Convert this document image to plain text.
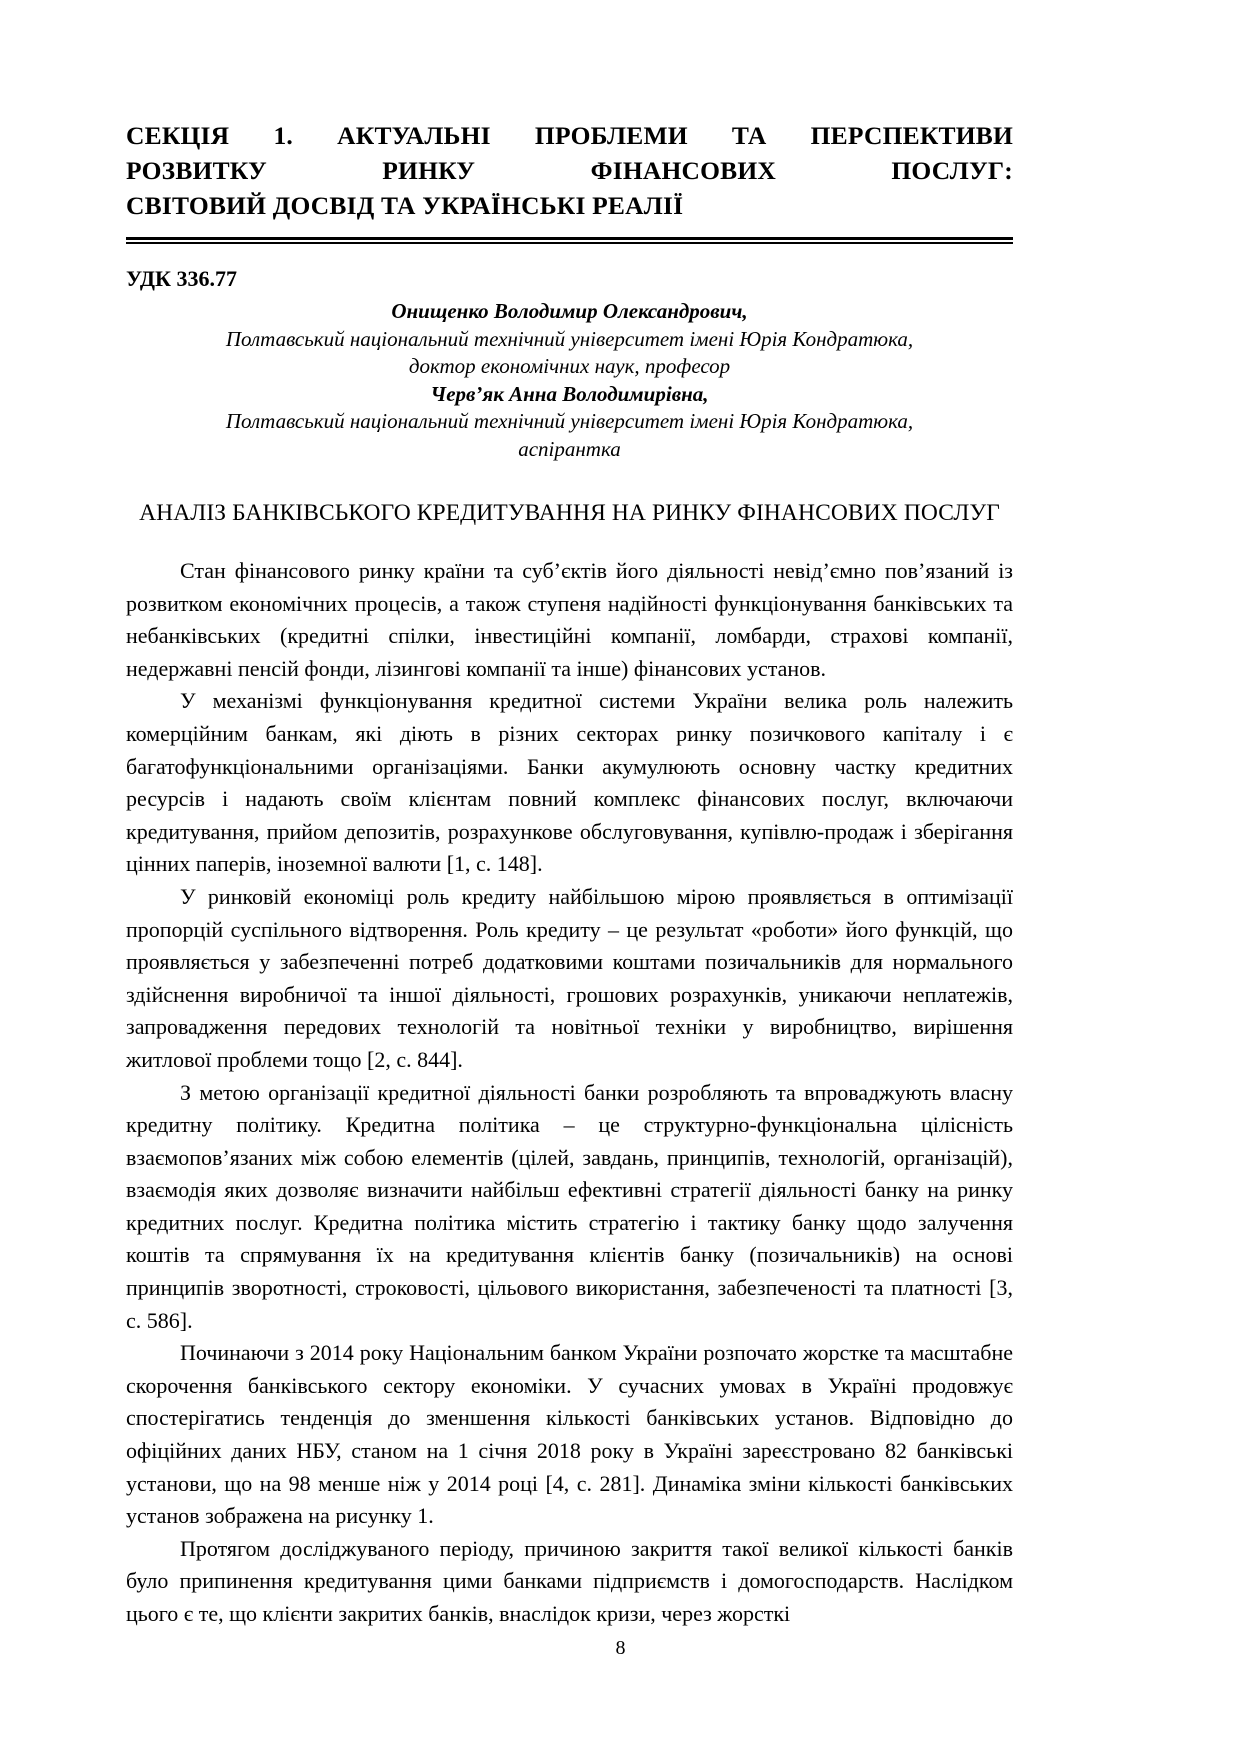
СЕКЦІЯ 1. АКТУАЛЬНІ ПРОБЛЕМИ ТА ПЕРСПЕКТИВИ
РОЗВИТКУ РИНКУ ФІНАНСОВИХ ПОСЛУГ:
СВІТОВИЙ ДОСВІД ТА УКРАЇНСЬКІ РЕАЛІЇ
УДК 336.77
Онищенко Володимир Олександрович,
Полтавський національний технічний університет імені Юрія Кондратюка,
доктор економічних наук, професор
Черв’як Анна Володимирівна,
Полтавський національний технічний університет імені Юрія Кондратюка,
аспірантка
АНАЛІЗ БАНКІВСЬКОГО КРЕДИТУВАННЯ НА РИНКУ ФІНАНСОВИХ ПОСЛУГ

Стан фінансового ринку країни та суб’єктів його діяльності невід’ємно пов’язаний із розвитком економічних процесів, а також ступеня надійності функціонування банківських та небанківських (кредитні спілки, інвестиційні компанії, ломбарди, страхові компанії, недержавні пенсій фонди, лізингові компанії та інше) фінансових установ.

У механізмі функціонування кредитної системи України велика роль належить комерційним банкам, які діють в різних секторах ринку позичкового капіталу і є багатофункціональними організаціями. Банки акумулюють основну частку кредитних ресурсів і надають своїм клієнтам повний комплекс фінансових послуг, включаючи кредитування, прийом депозитів, розрахункове обслуговування, купівлю-продаж і зберігання цінних паперів, іноземної валюти [1, с. 148].

У ринковій економіці роль кредиту найбільшою мірою проявляється в оптимізації пропорцій суспільного відтворення. Роль кредиту – це результат «роботи» його функцій, що проявляється у забезпеченні потреб додатковими коштами позичальників для нормального здійснення виробничої та іншої діяльності, грошових розрахунків, уникаючи неплатежів, запровадження передових технологій та новітньої техніки у виробництво, вирішення житлової проблеми тощо [2, с. 844].

З метою організації кредитної діяльності банки розробляють та впроваджують власну кредитну політику. Кредитна політика – це структурно-функціональна цілісність взаємопов’язаних між собою елементів (цілей, завдань, принципів, технологій, організацій), взаємодія яких дозволяє визначити найбільш ефективні стратегії діяльності банку на ринку кредитних послуг. Кредитна політика містить стратегію і тактику банку щодо залучення коштів та спрямування їх на кредитування клієнтів банку (позичальників) на основі принципів зворотності, строковості, цільового використання, забезпеченості та платності [3, с. 586].

Починаючи з 2014 року Національним банком України розпочато жорстке та масштабне скорочення банківського сектору економіки. У сучасних умовах в Україні продовжує спостерігатись тенденція до зменшення кількості банківських установ. Відповідно до офіційних даних НБУ, станом на 1 січня 2018 року в Україні зареєстровано 82 банківські установи, що на 98 менше ніж у 2014 році [4, с. 281]. Динаміка зміни кількості банківських установ зображена на рисунку 1.

Протягом досліджуваного періоду, причиною закриття такої великої кількості банків було припинення кредитування цими банками підприємств і домогосподарств. Наслідком цього є те, що клієнти закритих банків, внаслідок кризи, через жорсткі

8
